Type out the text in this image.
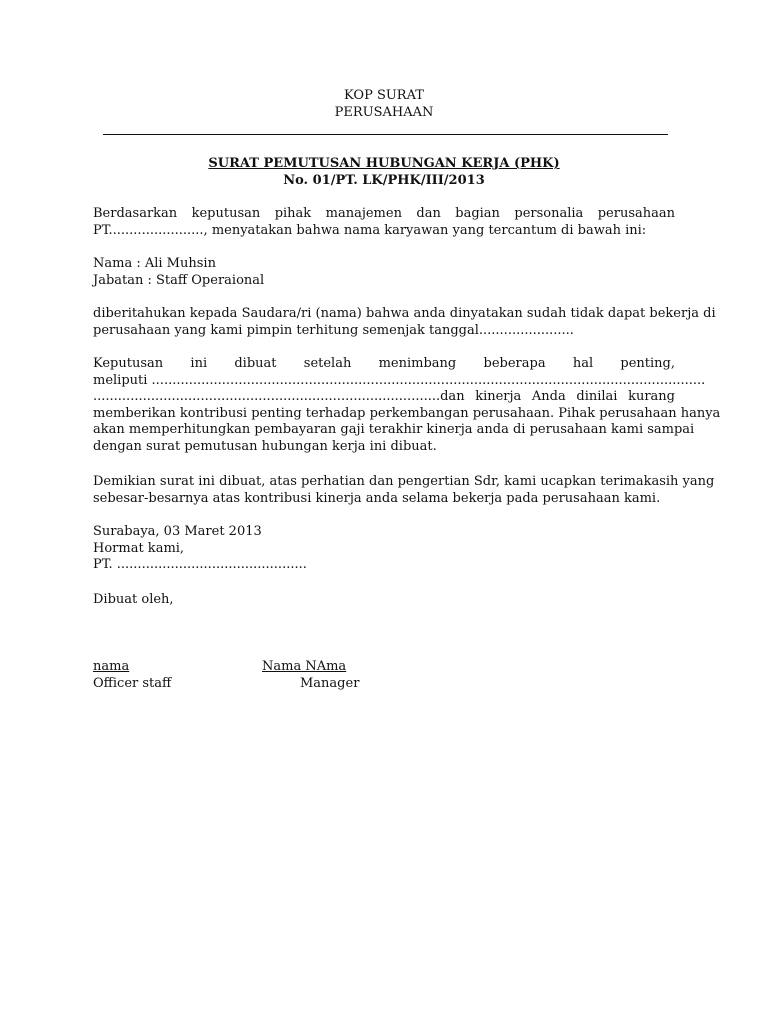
KOP SURAT
PERUSAHAAN
SURAT PEMUTUSAN HUBUNGAN KERJA (PHK)
No. 01/PT. LK/PHK/III/2013

Berdasarkan keputusan pihak manajemen dan bagian personalia perusahaan
PT......................., menyatakan bahwa nama karyawan yang tercantum di bawah ini:

Nama : Ali Muhsin
Jabatan : Staff Operaional

diberitahukan kepada Saudara/ri (nama) bahwa anda dinyatakan sudah tidak dapat bekerja di
perusahaan yang kami pimpin terhitung semenjak tanggal.......................

Keputusan ini dibuat setelah menimbang beberapa hal penting,
meliputi ......................................................................................................................................
....................................................................................dan kinerja Anda dinilai kurang
memberikan kontribusi penting terhadap perkembangan perusahaan. Pihak perusahaan hanya
akan memperhitungkan pembayaran gaji terakhir kinerja anda di perusahaan kami sampai
dengan surat pemutusan hubungan kerja ini dibuat.

Demikian surat ini dibuat, atas perhatian dan pengertian Sdr, kami ucapkan terimakasih yang
sebesar-besarnya atas kontribusi kinerja anda selama bekerja pada perusahaan kami.

Surabaya, 03 Maret 2013
Hormat kami,
PT. ..............................................

Dibuat oleh,

nama	Nama NAma
Officer staff	Manager
